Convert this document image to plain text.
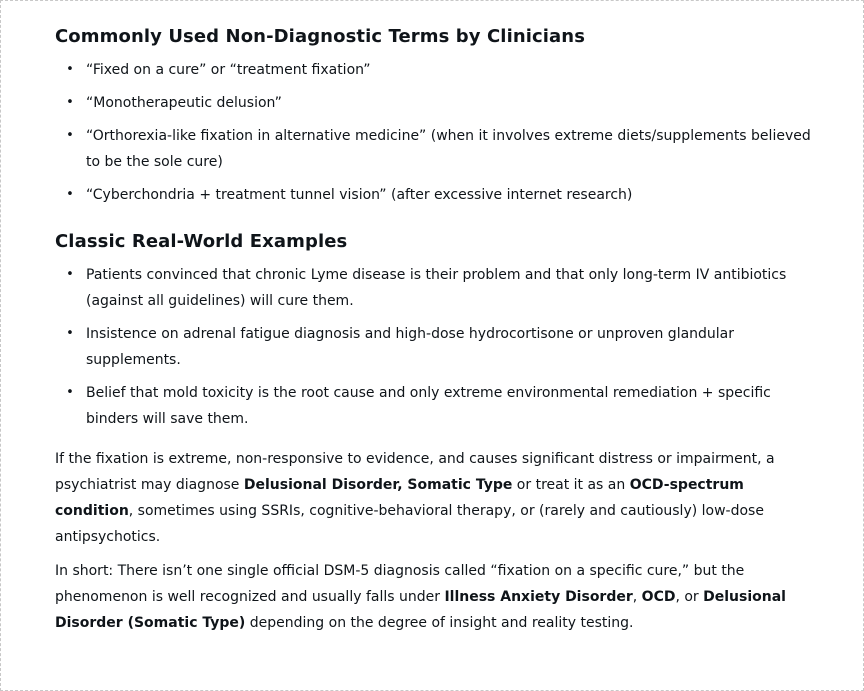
Commonly Used Non-Diagnostic Terms by Clinicians
• “Fixed on a cure” or “treatment fixation”
• “Monotherapeutic delusion”
• “Orthorexia-like fixation in alternative medicine” (when it involves extreme diets/supplements believed to be the sole cure)
• “Cyberchondria + treatment tunnel vision” (after excessive internet research)
Classic Real-World Examples
• Patients convinced that chronic Lyme disease is their problem and that only long-term IV antibiotics (against all guidelines) will cure them.
• Insistence on adrenal fatigue diagnosis and high-dose hydrocortisone or unproven glandular supplements.
• Belief that mold toxicity is the root cause and only extreme environmental remediation + specific binders will save them.

If the fixation is extreme, non-responsive to evidence, and causes significant distress or impairment, a psychiatrist may diagnose Delusional Disorder, Somatic Type or treat it as an OCD-spectrum condition, sometimes using SSRIs, cognitive-behavioral therapy, or (rarely and cautiously) low-dose antipsychotics.

In short: There isn’t one single official DSM-5 diagnosis called “fixation on a specific cure,” but the phenomenon is well recognized and usually falls under Illness Anxiety Disorder, OCD, or Delusional Disorder (Somatic Type) depending on the degree of insight and reality testing.
